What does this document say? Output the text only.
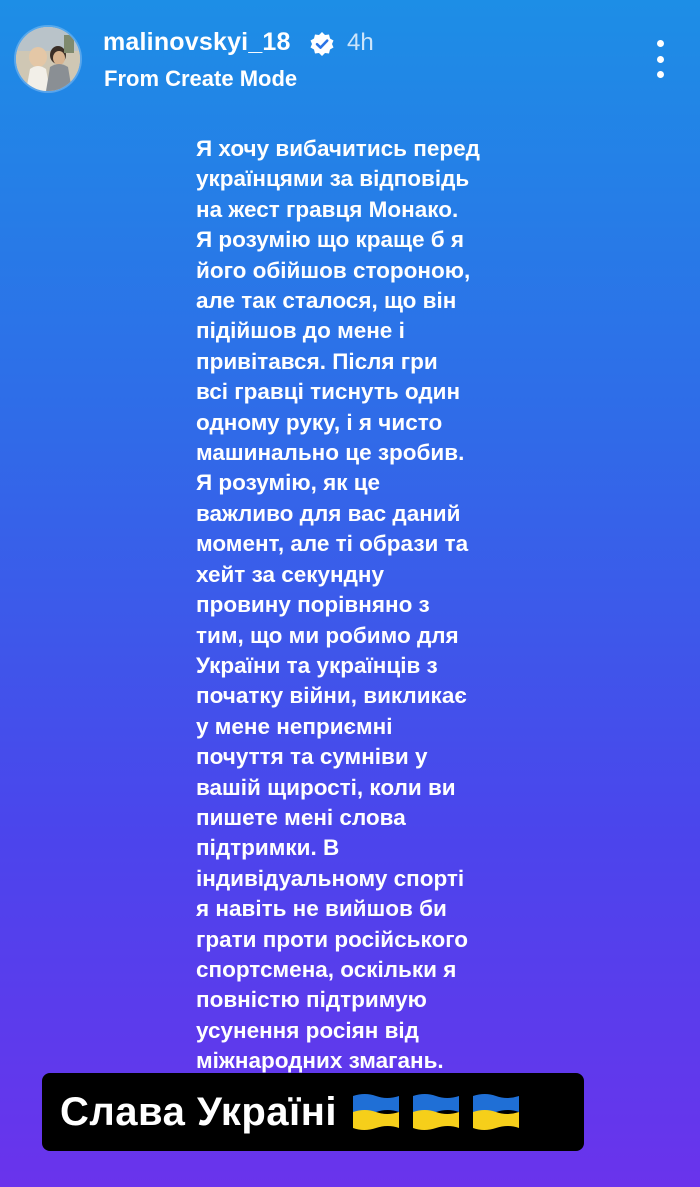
malinovskyi_18 4h
From Create Mode
Я хочу вибачитись перед
українцями за відповідь
на жест гравця Монако.
Я розумію що краще б я
його обійшов стороною,
але так сталося, що він
підійшов до мене і
привітався. Після гри
всі гравці тиснуть один
одному руку, і я чисто
машинально це зробив.
Я розумію, як це
важливо для вас даний
момент, але ті образи та
хейт за секундну
провину порівняно з
тим, що ми робимо для
України та українців з
початку війни, викликає
у мене неприємні
почуття та сумніви у
вашій щирості, коли ви
пишете мені слова
підтримки. В
індивідуальному спорті
я навіть не вийшов би
грати проти російського
спортсмена, оскільки я
повністю підтримую
усунення росіян від
міжнародних змагань.
Слава Україні
